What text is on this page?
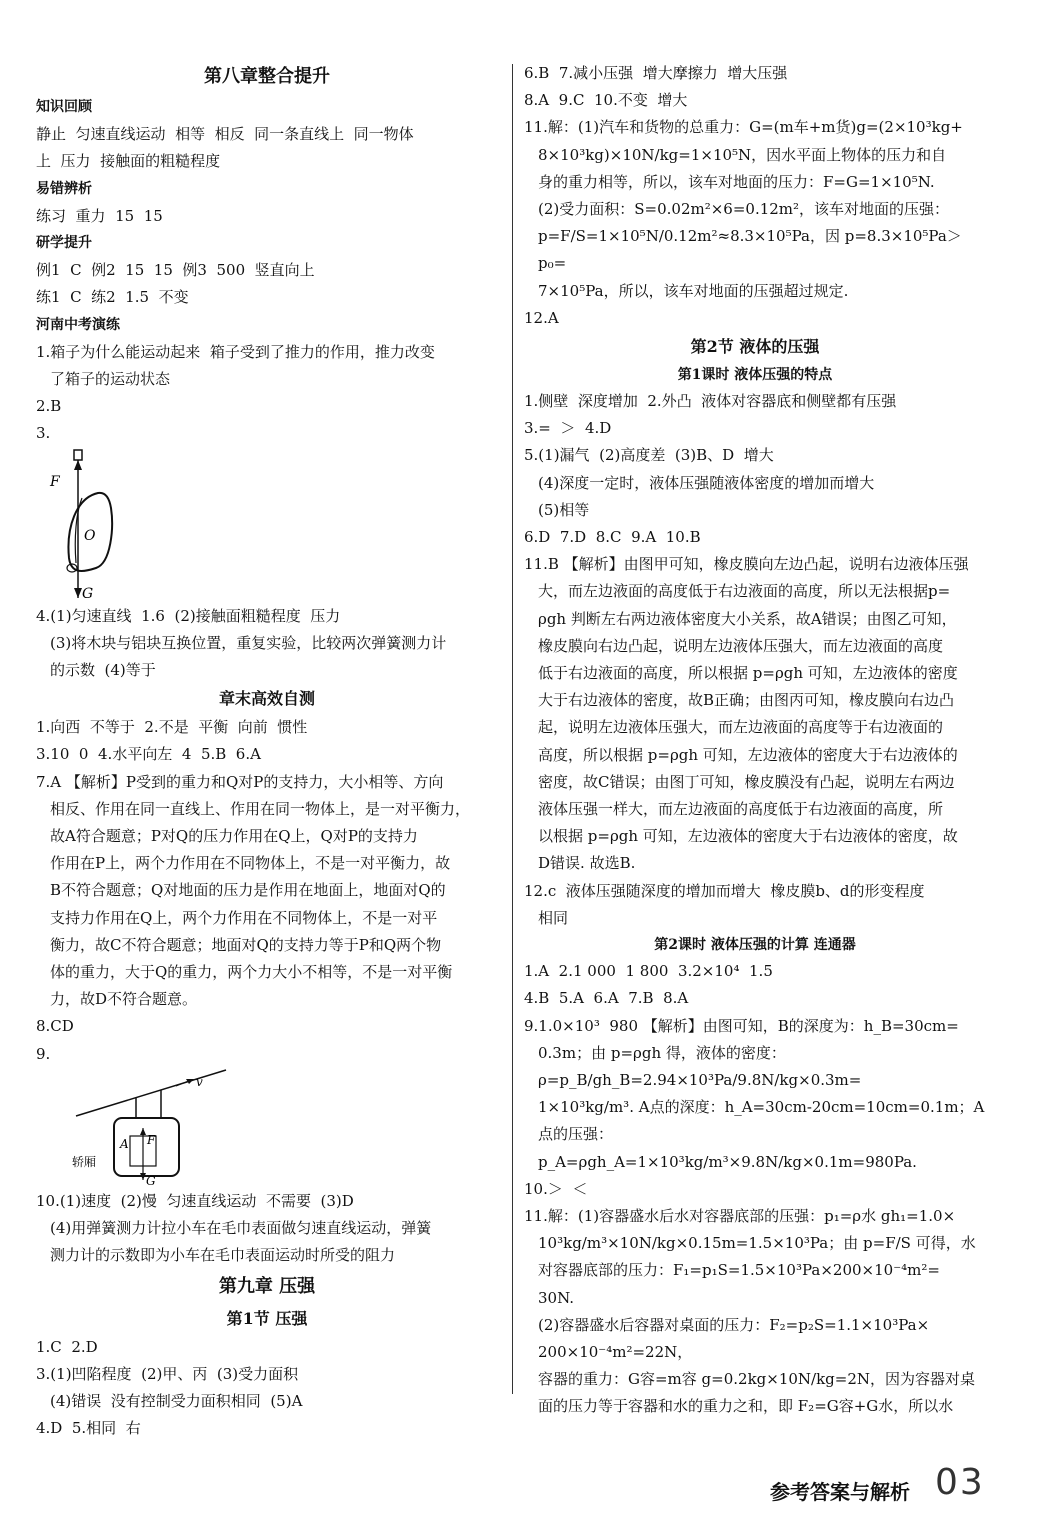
第八章整合提升
知识回顾
静止  匀速直线运动  相等  相反  同一条直线上  同一物体
上  压力  接触面的粗糙程度
易错辨析
练习  重力  15  15
研学提升
例1  C  例2  15  15  例3  500  竖直向上
练1  C  练2  1.5  不变
河南中考演练
1.箱子为什么能运动起来  箱子受到了推力的作用，推力改变
了箱子的运动状态
2.B
3.
F
O
G
4.(1)匀速直线  1.6  (2)接触面粗糙程度  压力
(3)将木块与铝块互换位置，重复实验，比较两次弹簧测力计
的示数  (4)等于
章末高效自测
1.向西  不等于  2.不是  平衡  向前  惯性
3.10  0  4.水平向左  4  5.B  6.A
7.A 【解析】P受到的重力和Q对P的支持力，大小相等、方向
相反、作用在同一直线上、作用在同一物体上，是一对平衡力，
故A符合题意；P对Q的压力作用在Q上，Q对P的支持力
作用在P上，两个力作用在不同物体上，不是一对平衡力，故
B不符合题意；Q对地面的压力是作用在地面上，地面对Q的
支持力作用在Q上，两个力作用在不同物体上，不是一对平
衡力，故C不符合题意；地面对Q的支持力等于P和Q两个物
体的重力，大于Q的重力，两个力大小不相等，不是一对平衡
力，故D不符合题意。
8.CD
9.
v
A F
G
轿厢
10.(1)速度  (2)慢  匀速直线运动  不需要  (3)D
(4)用弹簧测力计拉小车在毛巾表面做匀速直线运动，弹簧
测力计的示数即为小车在毛巾表面运动时所受的阻力
第九章 压强
第1节 压强
1.C  2.D
3.(1)凹陷程度  (2)甲、丙  (3)受力面积
(4)错误  没有控制受力面积相同  (5)A
4.D  5.相同  右
6.B  7.减小压强  增大摩擦力  增大压强
8.A  9.C  10.不变  增大
11.解：(1)汽车和货物的总重力：G=(m车+m货)g=(2×10³kg+
8×10³kg)×10N/kg=1×10⁵N，因水平面上物体的压力和自
身的重力相等，所以，该车对地面的压力：F=G=1×10⁵N.
(2)受力面积：S=0.02m²×6=0.12m²，该车对地面的压强：
p=F/S=1×10⁵N/0.12m²≈8.3×10⁵Pa，因 p=8.3×10⁵Pa＞p₀=
7×10⁵Pa，所以，该车对地面的压强超过规定.
12.A
第2节 液体的压强
第1课时 液体压强的特点
1.侧壁  深度增加  2.外凸  液体对容器底和侧壁都有压强
3.=  ＞  4.D
5.(1)漏气  (2)高度差  (3)B、D  增大
(4)深度一定时，液体压强随液体密度的增加而增大
(5)相等
6.D  7.D  8.C  9.A  10.B
11.B 【解析】由图甲可知，橡皮膜向左边凸起，说明右边液体压强
大，而左边液面的高度低于右边液面的高度，所以无法根据p=
ρgh 判断左右两边液体密度大小关系，故A错误；由图乙可知，
橡皮膜向右边凸起，说明左边液体压强大，而左边液面的高度
低于右边液面的高度，所以根据 p=ρgh 可知，左边液体的密度
大于右边液体的密度，故B正确；由图丙可知，橡皮膜向右边凸
起，说明左边液体压强大，而左边液面的高度等于右边液面的
高度，所以根据 p=ρgh 可知，左边液体的密度大于右边液体的
密度，故C错误；由图丁可知，橡皮膜没有凸起，说明左右两边
液体压强一样大，而左边液面的高度低于右边液面的高度，所
以根据 p=ρgh 可知，左边液体的密度大于右边液体的密度，故
D错误. 故选B.
12.c  液体压强随深度的增加而增大  橡皮膜b、d的形变程度
相同
第2课时 液体压强的计算 连通器
1.A  2.1 000  1 800  3.2×10⁴  1.5
4.B  5.A  6.A  7.B  8.A
9.1.0×10³  980 【解析】由图可知，B的深度为：h_B=30cm=
0.3m；由 p=ρgh 得，液体的密度：ρ=p_B/gh_B=2.94×10³Pa/9.8N/kg×0.3m=
1×10³kg/m³. A点的深度：h_A=30cm-20cm=10cm=0.1m；A
点的压强：p_A=ρgh_A=1×10³kg/m³×9.8N/kg×0.1m=980Pa.
10.＞  ＜
11.解：(1)容器盛水后水对容器底部的压强：p₁=ρ水 gh₁=1.0×
10³kg/m³×10N/kg×0.15m=1.5×10³Pa；由 p=F/S 可得，水
对容器底部的压力：F₁=p₁S=1.5×10³Pa×200×10⁻⁴m²=
30N.
(2)容器盛水后容器对桌面的压力：F₂=p₂S=1.1×10³Pa×
200×10⁻⁴m²=22N，
容器的重力：G容=m容 g=0.2kg×10N/kg=2N，因为容器对桌
面的压力等于容器和水的重力之和，即 F₂=G容+G水，所以水
参考答案与解析 03
